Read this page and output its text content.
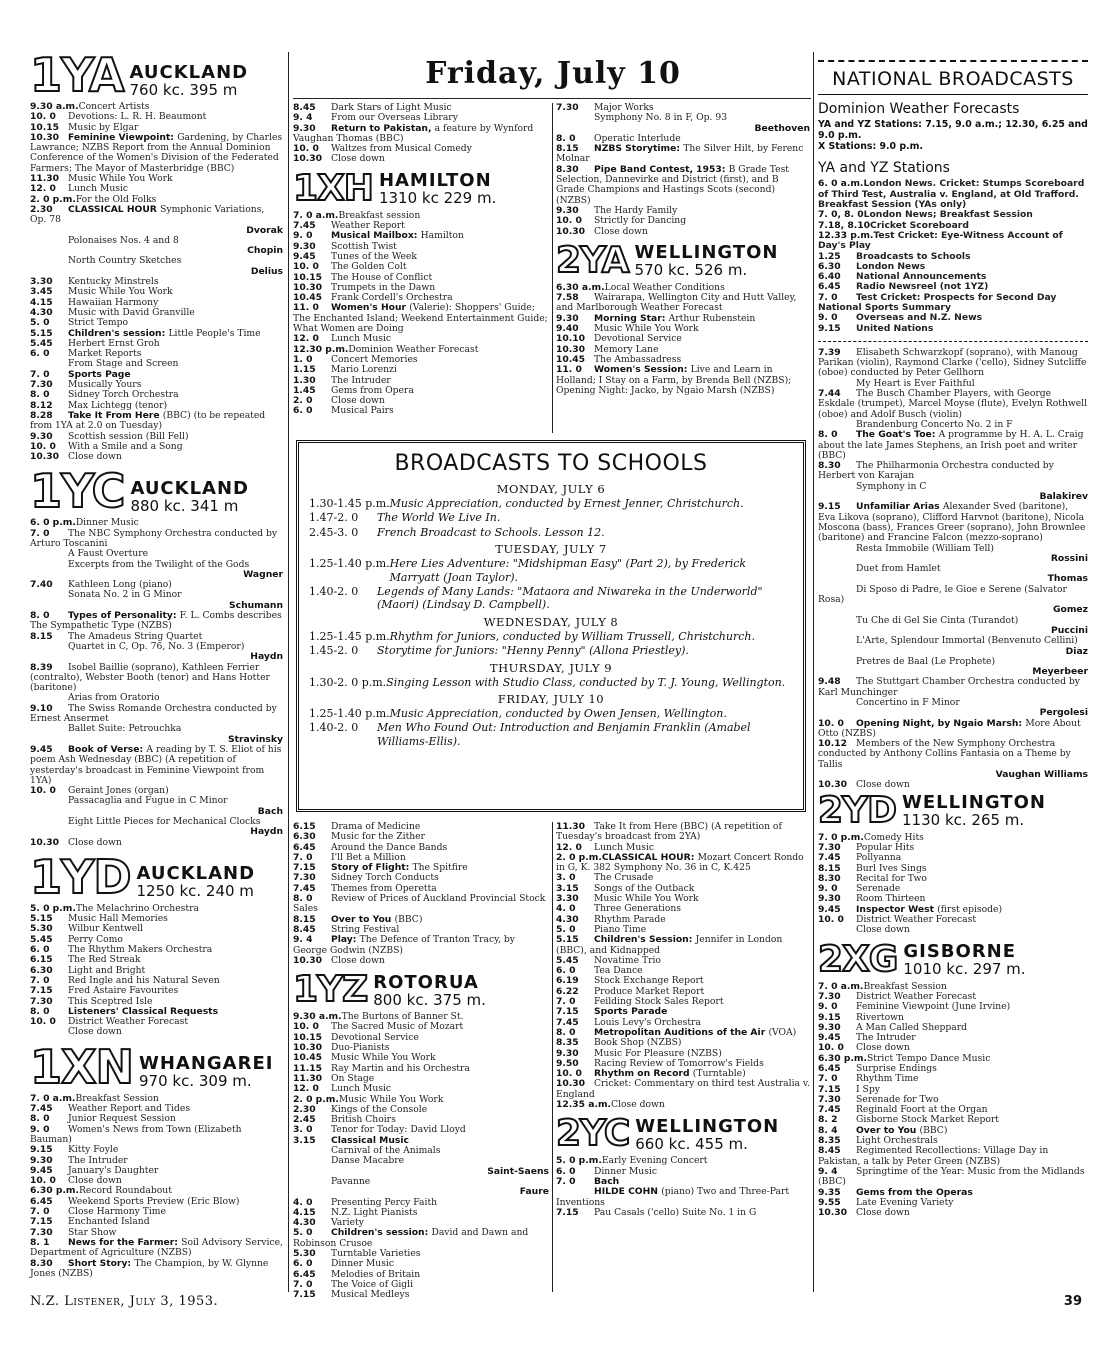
Friday, July 10
1YA AUCKLAND
760 kc. 395 m
9.30 a.m.Concert Artists
10. 0 Devotions: L. R. H. Beaumont
10.15 Music by Elgar
10.30 Feminine Viewpoint: Gardening, by Charles Lawrance; NZBS Report from the Annual Dominion Conference of the Women's Division of the Federated Farmers; The Mayor of Masterbridge (BBC)
11.30 Music While You Work
12. 0 Lunch Music
2. 0 p.m.For the Old Folks
2.30 CLASSICAL HOUR Symphonic Variations, Op. 78
Dvorak
Polonaises Nos. 4 and 8
Chopin
North Country Sketches
Delius
3.30 Kentucky Minstrels
3.45 Music While You Work
4.15 Hawaiian Harmony
4.30 Music with David Granville
5. 0 Strict Tempo
5.15 Children's session: Little People's Time
5.45 Herbert Ernst Groh
6. 0 Market Reports
From Stage and Screen
7. 0 Sports Page
7.30 Musically Yours
8. 0 Sidney Torch Orchestra
8.12 Max Lichtegg (tenor)
8.28 Take It From Here (BBC) (to be repeated from 1YA at 2.0 on Tuesday)
9.30 Scottish session (Bill Fell)
10. 0 With a Smile and a Song
10.30 Close down
1YC AUCKLAND
880 kc. 341 m
6. 0 p.m.Dinner Music
7. 0 The NBC Symphony Orchestra conducted by Arturo Toscanini
A Faust Overture
Excerpts from the Twilight of the Gods
Wagner
7.40 Kathleen Long (piano)
Sonata No. 2 in G Minor
Schumann
8. 0 Types of Personality: F. L. Combs describes The Sympathetic Type (NZBS)
8.15 The Amadeus String Quartet
Quartet in C, Op. 76, No. 3 (Emperor)
Haydn
8.39 Isobel Baillie (soprano), Kathleen Ferrier (contralto), Webster Booth (tenor) and Hans Hotter (baritone)
Arias from Oratorio
9.10 The Swiss Romande Orchestra conducted by Ernest Ansermet
Ballet Suite: Petrouchka
Stravinsky
9.45 Book of Verse: A reading by T. S. Eliot of his poem Ash Wednesday (BBC) (A repetition of yesterday's broadcast in Feminine Viewpoint from 1YA)
10. 0 Geraint Jones (organ)
Passacaglia and Fugue in C Minor
Bach
Eight Little Pieces for Mechanical Clocks
Haydn
10.30 Close down
1YD AUCKLAND
1250 kc. 240 m
5. 0 p.m.The Melachrino Orchestra
5.15 Music Hall Memories
5.30 Wilbur Kentwell
5.45 Perry Como
6. 0 The Rhythm Makers Orchestra
6.15 The Red Streak
6.30 Light and Bright
7. 0 Red Ingle and his Natural Seven
7.15 Fred Astaire Favourites
7.30 This Sceptred Isle
8. 0 Listeners' Classical Requests
10. 0 District Weather Forecast
Close down
1XN WHANGAREI
970 kc. 309 m.
7. 0 a.m.Breakfast Session
7.45 Weather Report and Tides
8. 0 Junior Request Session
9. 0 Women's News from Town (Elizabeth Bauman)
9.15 Kitty Foyle
9.30 The Intruder
9.45 January's Daughter
10. 0 Close down
6.30 p.m.Record Roundabout
6.45 Weekend Sports Preview (Eric Blow)
7. 0 Close Harmony Time
7.15 Enchanted Island
7.30 Star Show
8. 1 News for the Farmer: Soil Advisory Service, Department of Agriculture (NZBS)
8.30 Short Story: The Champion, by W. Glynne Jones (NZBS)
8.45 Dark Stars of Light Music
9. 4 From our Overseas Library
9.30 Return to Pakistan, a feature by Wynford Vaughan Thomas (BBC)
10. 0 Waltzes from Musical Comedy
10.30 Close down
1XH HAMILTON
1310 kc 229 m.
7. 0 a.m.Breakfast session
7.45 Weather Report
9. 0 Musical Mailbox: Hamilton
9.30 Scottish Twist
9.45 Tunes of the Week
10. 0 The Golden Colt
10.15 The House of Conflict
10.30 Trumpets in the Dawn
10.45 Frank Cordell's Orchestra
11. 0 Women's Hour (Valerie): Shoppers' Guide; The Enchanted Island; Weekend Entertainment Guide; What Women are Doing
12. 0 Lunch Music
12.30 p.m.Dominion Weather Forecast
1. 0 Concert Memories
1.15 Mario Lorenzi
1.30 The Intruder
1.45 Gems from Opera
2. 0 Close down
6. 0 Musical Pairs
7.30 Major Works
Symphony No. 8 in F, Op. 93
Beethoven
8. 0 Operatic Interlude
8.15 NZBS Storytime: The Silver Hilt, by Ferenc Molnar
8.30 Pipe Band Contest, 1953: B Grade Test Selection, Dannevirke and District (first), and B Grade Champions and Hastings Scots (second) (NZBS)
9.30 The Hardy Family
10. 0 Strictly for Dancing
10.30 Close down
2YA WELLINGTON
570 kc. 526 m.
6.30 a.m.Local Weather Conditions
7.58 Wairarapa, Wellington City and Hutt Valley, and Marlborough Weather Forecast
9.30 Morning Star: Arthur Rubenstein
9.40 Music While You Work
10.10 Devotional Service
10.30 Memory Lane
10.45 The Ambassadress
11. 0 Women's Session: Live and Learn in Holland; I Stay on a Farm, by Brenda Bell (NZBS); Opening Night: Jacko, by Ngaio Marsh (NZBS)
BROADCASTS TO SCHOOLS
MONDAY, JULY 6
1.30-1.45 p.m. Music Appreciation, conducted by Ernest Jenner, Christchurch.
1.47-2. 0	The World We Live In.
2.45-3. 0	French Broadcast to Schools. Lesson 12.
TUESDAY, JULY 7
1.25-1.40 p.m. Here Lies Adventure: "Midshipman Easy" (Part 2), by Frederick Marryatt (Joan Taylor).
1.40-2. 0	Legends of Many Lands: "Mataora and Niwareka in the Underworld" (Maori) (Lindsay D. Campbell).
WEDNESDAY, JULY 8
1.25-1.45 p.m. Rhythm for Juniors, conducted by William Trussell, Christchurch.
1.45-2. 0	Storytime for Juniors: "Henny Penny" (Allona Priestley).
THURSDAY, JULY 9
1.30-2. 0 p.m. Singing Lesson with Studio Class, conducted by T. J. Young, Wellington.
FRIDAY, JULY 10
1.25-1.40 p.m. Music Appreciation, conducted by Owen Jensen, Wellington.
1.40-2. 0	Men Who Found Out: Introduction and Benjamin Franklin (Amabel Williams-Ellis).
6.15 Drama of Medicine
6.30 Music for the Zither
6.45 Around the Dance Bands
7. 0 I'll Bet a Million
7.15 Story of Flight: The Spitfire
7.30 Sidney Torch Conducts
7.45 Themes from Operetta
8. 0 Review of Prices of Auckland Provincial Stock Sales
8.15 Over to You (BBC)
8.45 String Festival
9. 4 Play: The Defence of Tranton Tracy, by George Godwin (NZBS)
10.30 Close down
1YZ ROTORUA
800 kc. 375 m.
9.30 a.m.The Burtons of Banner St.
10. 0 The Sacred Music of Mozart
10.15 Devotional Service
10.30 Duo-Pianists
10.45 Music While You Work
11.15 Ray Martin and his Orchestra
11.30 On Stage
12. 0 Lunch Music
2. 0 p.m.Music While You Work
2.30 Kings of the Console
2.45 British Choirs
3. 0 Tenor for Today: David Lloyd
3.15 Classical Music
Carnival of the Animals
Danse Macabre
Saint-Saens
Pavanne
Faure
4. 0 Presenting Percy Faith
4.15 N.Z. Light Pianists
4.30 Variety
5. 0 Children's session: David and Dawn and Robinson Crusoe
5.30 Turntable Varieties
6. 0 Dinner Music
6.45 Melodies of Britain
7. 0 The Voice of Gigli
7.15 Musical Medleys
11.30 Take It from Here (BBC) (A repetition of Tuesday's broadcast from 2YA)
12. 0 Lunch Music
2. 0 p.m.CLASSICAL HOUR: Mozart Concert Rondo in G, K. 382 Symphony No. 36 in C, K.425
3. 0 The Crusade
3.15 Songs of the Outback
3.30 Music While You Work
4. 0 Three Generations
4.30 Rhythm Parade
5. 0 Piano Time
5.15 Children's Session: Jennifer in London (BBC), and Kidnapped
5.45 Novatime Trio
6. 0 Tea Dance
6.19 Stock Exchange Report
6.22 Produce Market Report
7. 0 Feilding Stock Sales Report
7.15 Sports Parade
7.45 Louis Levy's Orchestra
8. 0 Metropolitan Auditions of the Air (VOA)
8.35 Book Shop (NZBS)
9.30 Music For Pleasure (NZBS)
9.50 Racing Review of Tomorrow's Fields
10. 0 Rhythm on Record (Turntable)
10.30 Cricket: Commentary on third test Australia v. England
12.35 a.m.Close down
2YC WELLINGTON
660 kc. 455 m.
5. 0 p.m.Early Evening Concert
6. 0 Dinner Music
7. 0 Bach
HILDE COHN (piano) Two and Three-Part Inventions
7.15 Pau Casals ('cello) Suite No. 1 in G
NATIONAL BROADCASTS
Dominion Weather Forecasts
YA and YZ Stations: 7.15, 9.0 a.m.; 12.30, 6.25 and 9.0 p.m.
X Stations: 9.0 p.m.
YA and YZ Stations
6. 0 a.m.London News. Cricket: Stumps Scoreboard of Third Test, Australia v. England, at Old Trafford. Breakfast Session (YAs only)
7. 0, 8. 0London News; Breakfast Session
7.18, 8.10Cricket Scoreboard
12.33 p.m.Test Cricket: Eye-Witness Account of Day's Play
1.25 Broadcasts to Schools
6.30 London News
6.40 National Announcements
6.45 Radio Newsreel (not 1YZ)
7. 0 Test Cricket: Prospects for Second Day National Sports Summary
9. 0 Overseas and N.Z. News
9.15 United Nations
7.39 Elisabeth Schwarzkopf (soprano), with Manoug Parikan (violin), Raymond Clarke ('cello), Sidney Sutcliffe (oboe) conducted by Peter Gellhorn
My Heart is Ever Faithful
7.44 The Busch Chamber Players, with George Eskdale (trumpet), Marcel Moyse (flute), Evelyn Rothwell (oboe) and Adolf Busch (violin)
Brandenburg Concerto No. 2 in F
8. 0 The Goat's Toe: A programme by H. A. L. Craig about the late James Stephens, an Irish poet and writer (BBC)
8.30 The Philharmonia Orchestra conducted by Herbert von Karajan
Symphony in C
Balakirev
9.15 Unfamiliar Arias Alexander Sved (baritone), Eva Likova (soprano), Clifford Harvnot (baritone), Nicola Moscona (bass), Frances Greer (soprano), John Brownlee (baritone) and Francine Falcon (mezzo-soprano)
Resta Immobile (William Tell)
Rossini
Duet from Hamlet
Thomas
Di Sposo di Padre, le Gioe e Serene (Salvator Rosa)
Gomez
Tu Che di Gel Sie Cinta (Turandot)
Puccini
L'Arte, Splendour Immortal (Benvenuto Cellini)
Diaz
Pretres de Baal (Le Prophete)
Meyerbeer
9.48 The Stuttgart Chamber Orchestra conducted by Karl Munchinger
Concertino in F Minor
Pergolesi
10. 0 Opening Night, by Ngaio Marsh: More About Otto (NZBS)
10.12 Members of the New Symphony Orchestra conducted by Anthony Collins Fantasia on a Theme by Tallis
Vaughan Williams
10.30 Close down
2YD WELLINGTON
1130 kc. 265 m.
7. 0 p.m.Comedy Hits
7.30 Popular Hits
7.45 Pollyanna
8.15 Burl Ives Sings
8.30 Recital for Two
9. 0 Serenade
9.30 Room Thirteen
9.45 Inspector West (first episode)
10. 0 District Weather Forecast
Close down
2XG GISBORNE
1010 kc. 297 m.
7. 0 a.m.Breakfast Session
7.30 District Weather Forecast
9. 0 Feminine Viewpoint (June Irvine)
9.15 Rivertown
9.30 A Man Called Sheppard
9.45 The Intruder
10. 0 Close down
6.30 p.m.Strict Tempo Dance Music
6.45 Surprise Endings
7. 0 Rhythm Time
7.15 I Spy
7.30 Serenade for Two
7.45 Reginald Foort at the Organ
8. 2 Gisborne Stock Market Report
8. 4 Over to You (BBC)
8.35 Light Orchestrals
8.45 Regimented Recollections: Village Day in Pakistan, a talk by Peter Green (NZBS)
9. 4 Springtime of the Year: Music from the Midlands (BBC)
9.35 Gems from the Operas
9.55 Late Evening Variety
10.30 Close down
N.Z. Listener, July 3, 1953.	39
